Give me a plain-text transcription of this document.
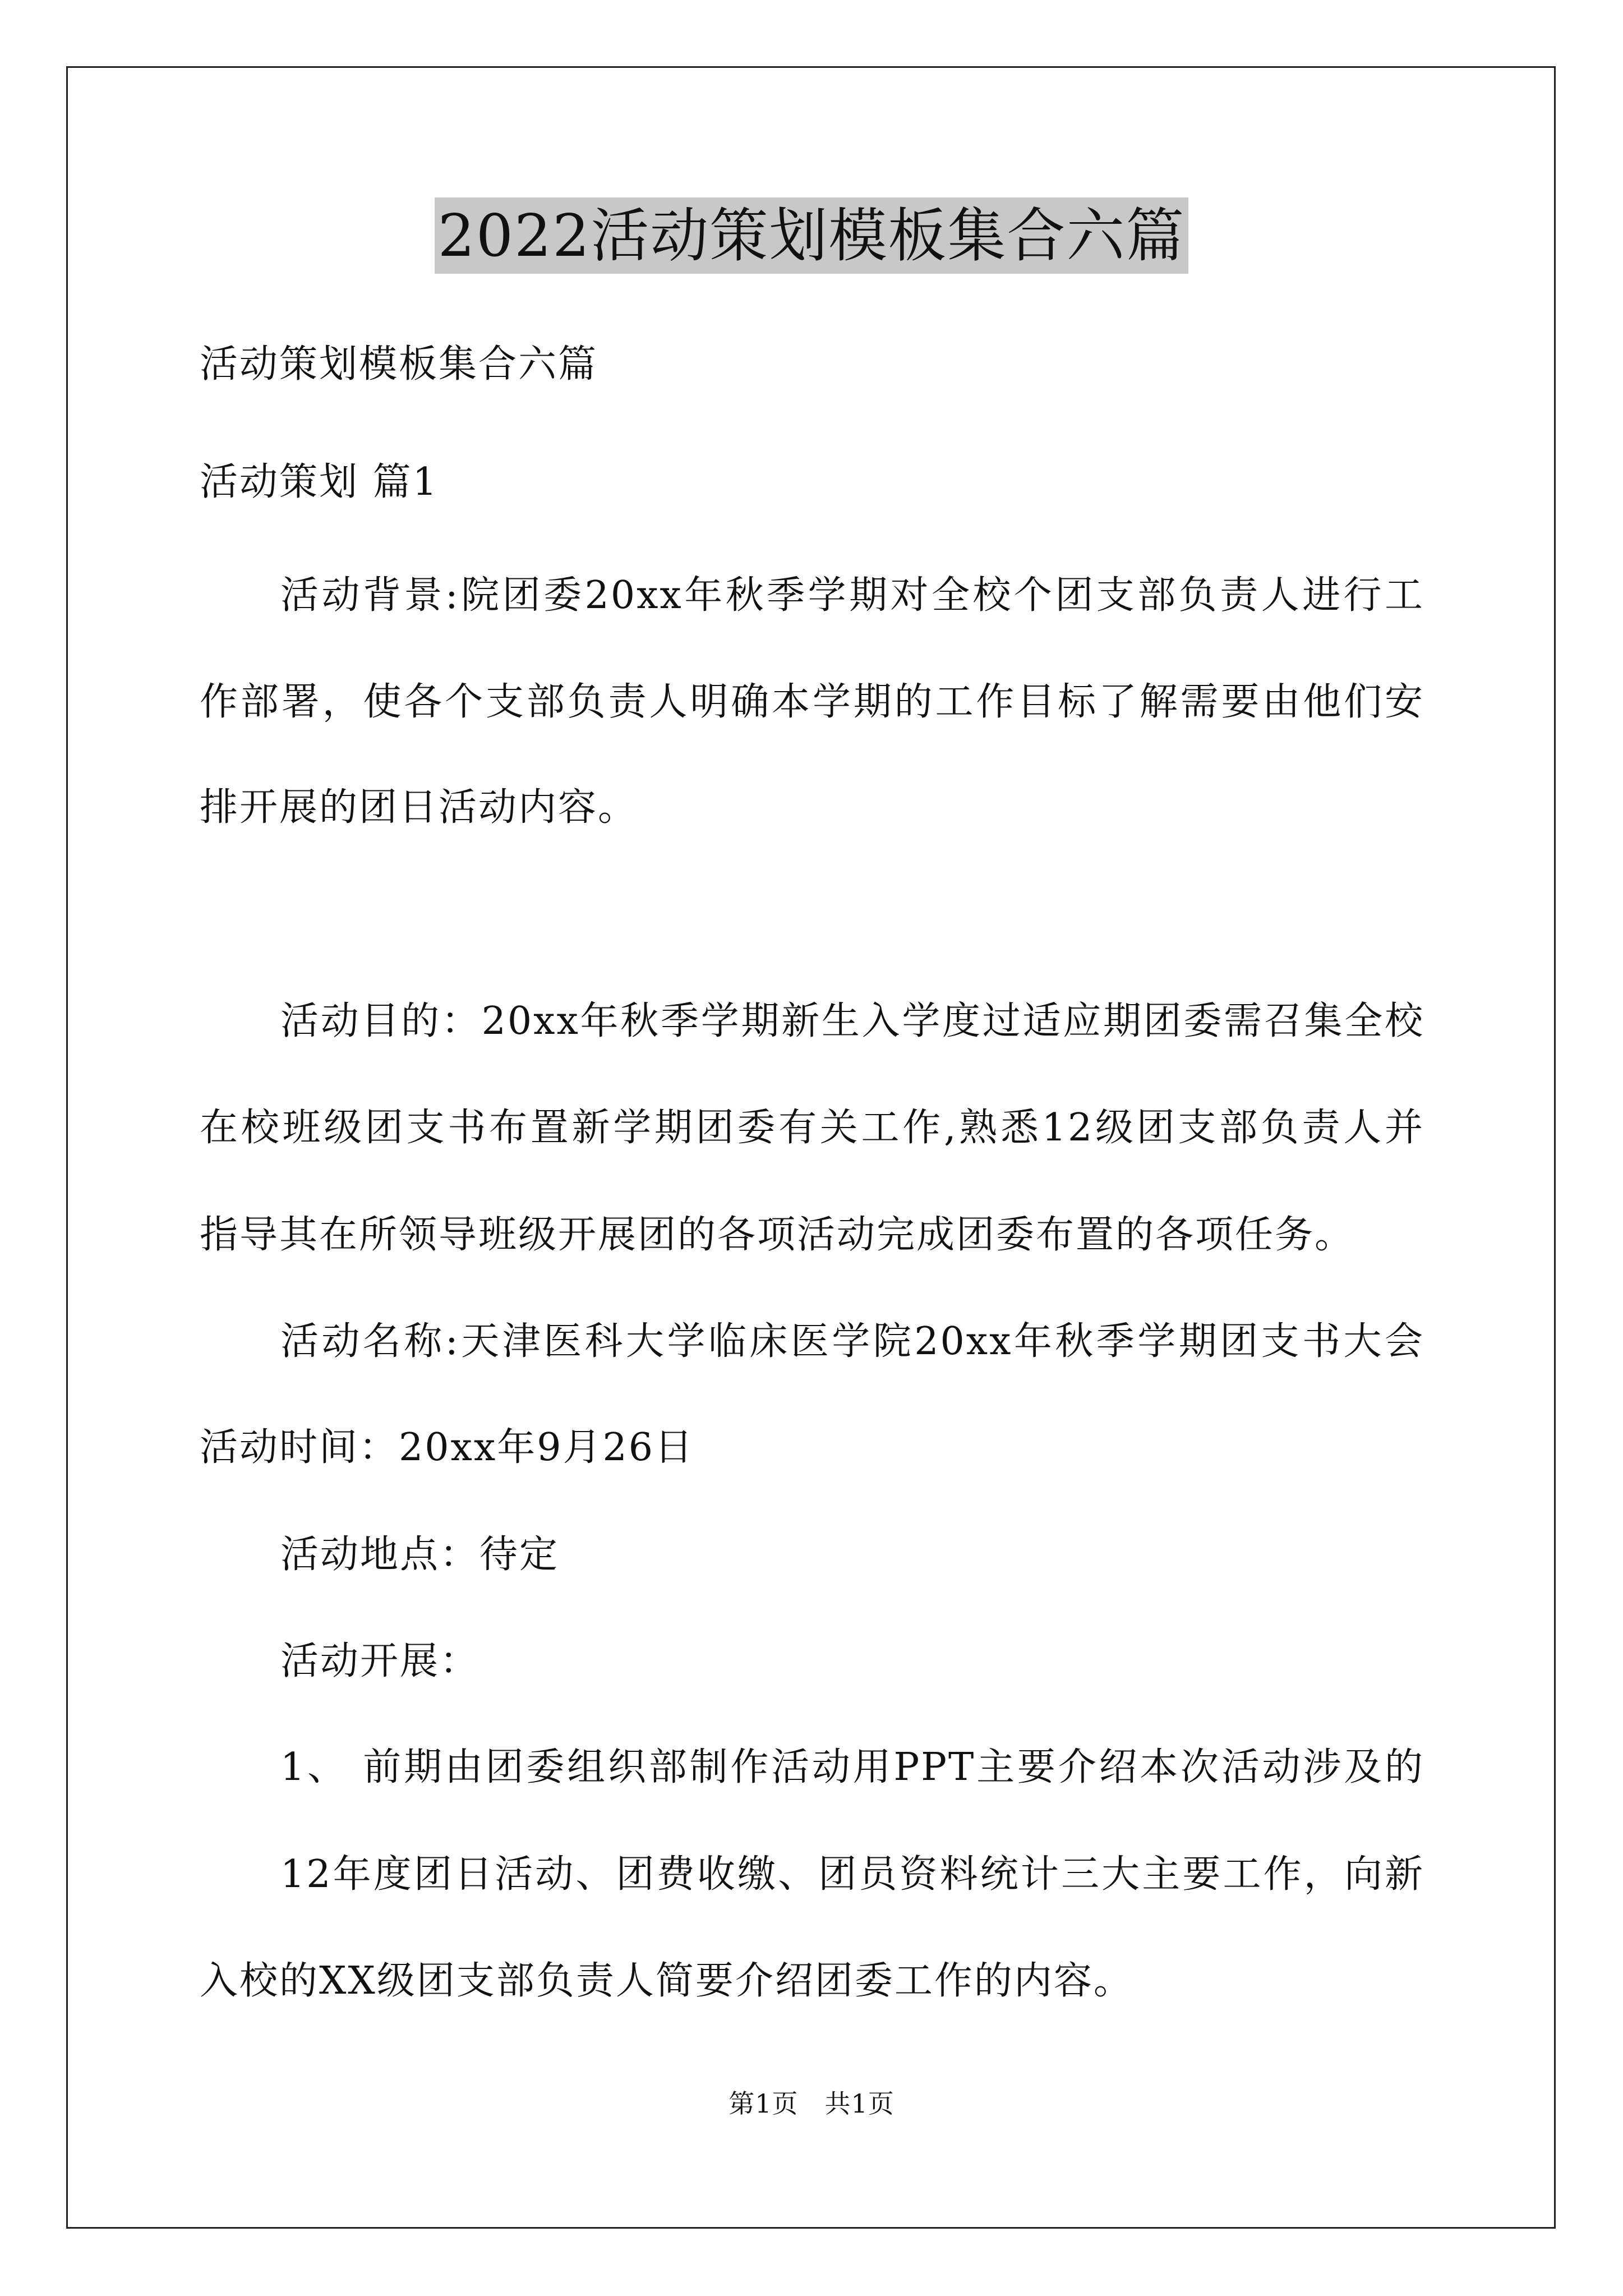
2022活动策划模板集合六篇
活动策划模板集合六篇
活动策划 篇1
活动背景:院团委20xx年秋季学期对全校个团支部负责人进行工
作部署，使各个支部负责人明确本学期的工作目标了解需要由他们安
排开展的团日活动内容。
活动目的：20xx年秋季学期新生入学度过适应期团委需召集全校
在校班级团支书布置新学期团委有关工作,熟悉12级团支部负责人并
指导其在所领导班级开展团的各项活动完成团委布置的各项任务。
活动名称:天津医科大学临床医学院20xx年秋季学期团支书大会
活动时间：20xx年9月26日
活动地点：待定
活动开展：
1、 前期由团委组织部制作活动用PPT主要介绍本次活动涉及的
12年度团日活动、团费收缴、团员资料统计三大主要工作，向新
入校的XX级团支部负责人简要介绍团委工作的内容。
第1页　共1页
